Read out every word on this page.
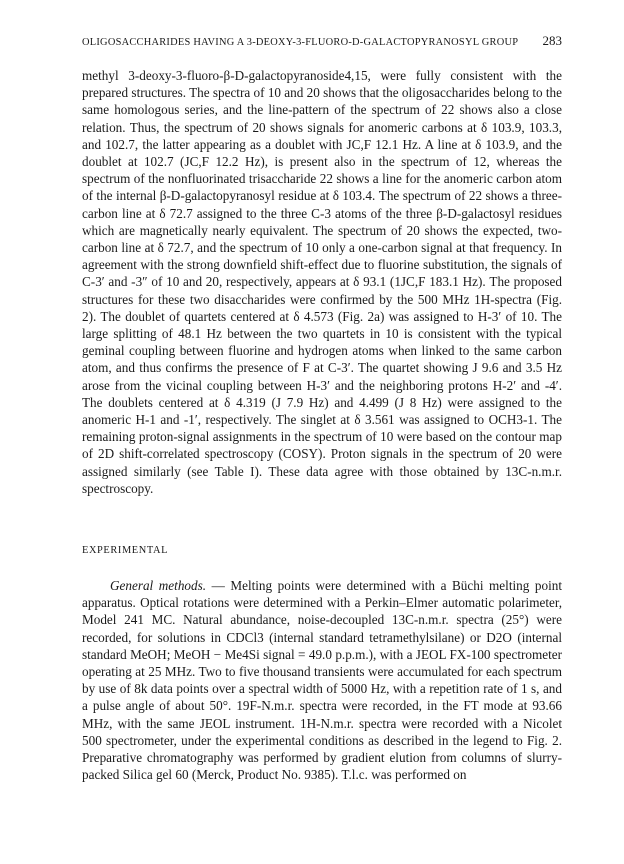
OLIGOSACCHARIDES HAVING A 3-DEOXY-3-FLUORO-D-GALACTOPYRANOSYL GROUP 283

methyl 3-deoxy-3-fluoro-β-D-galactopyranoside4,15, were fully consistent with the prepared structures. The spectra of 10 and 20 shows that the oligosaccharides belong to the same homologous series, and the line-pattern of the spectrum of 22 shows also a close relation. Thus, the spectrum of 20 shows signals for anomeric carbons at δ 103.9, 103.3, and 102.7, the latter appearing as a doublet with JC,F 12.1 Hz. A line at δ 103.9, and the doublet at 102.7 (JC,F 12.2 Hz), is present also in the spectrum of 12, whereas the spectrum of the nonfluorinated trisaccharide 22 shows a line for the anomeric carbon atom of the internal β-D-galactopyranosyl residue at δ 103.4. The spectrum of 22 shows a three-carbon line at δ 72.7 assigned to the three C-3 atoms of the three β-D-galactosyl residues which are magnetically nearly equivalent. The spectrum of 20 shows the expected, two-carbon line at δ 72.7, and the spectrum of 10 only a one-carbon signal at that frequency. In agreement with the strong downfield shift-effect due to fluorine substitution, the signals of C-3′ and -3″ of 10 and 20, respectively, appears at δ 93.1 (1JC,F 183.1 Hz). The proposed structures for these two disaccharides were confirmed by the 500 MHz 1H-spectra (Fig. 2). The doublet of quartets centered at δ 4.573 (Fig. 2a) was assigned to H-3′ of 10. The large splitting of 48.1 Hz between the two quartets in 10 is consistent with the typical geminal coupling between fluorine and hydrogen atoms when linked to the same carbon atom, and thus confirms the presence of F at C-3′. The quartet showing J 9.6 and 3.5 Hz arose from the vicinal coupling between H-3′ and the neighboring protons H-2′ and -4′. The doublets centered at δ 4.319 (J 7.9 Hz) and 4.499 (J 8 Hz) were assigned to the anomeric H-1 and -1′, respectively. The singlet at δ 3.561 was assigned to OCH3-1. The remaining proton-signal assignments in the spectrum of 10 were based on the contour map of 2D shift-correlated spectroscopy (COSY). Proton signals in the spectrum of 20 were assigned similarly (see Table I). These data agree with those obtained by 13C-n.m.r. spectroscopy.

EXPERIMENTAL

General methods. — Melting points were determined with a Büchi melting point apparatus. Optical rotations were determined with a Perkin–Elmer automatic polarimeter, Model 241 MC. Natural abundance, noise-decoupled 13C-n.m.r. spectra (25°) were recorded, for solutions in CDCl3 (internal standard tetramethylsilane) or D2O (internal standard MeOH; MeOH − Me4Si signal = 49.0 p.p.m.), with a JEOL FX-100 spectrometer operating at 25 MHz. Two to five thousand transients were accumulated for each spectrum by use of 8k data points over a spectral width of 5000 Hz, with a repetition rate of 1 s, and a pulse angle of about 50°. 19F-N.m.r. spectra were recorded, in the FT mode at 93.66 MHz, with the same JEOL instrument. 1H-N.m.r. spectra were recorded with a Nicolet 500 spectrometer, under the experimental conditions as described in the legend to Fig. 2. Preparative chromatography was performed by gradient elution from columns of slurry-packed Silica gel 60 (Merck, Product No. 9385). T.l.c. was performed on
